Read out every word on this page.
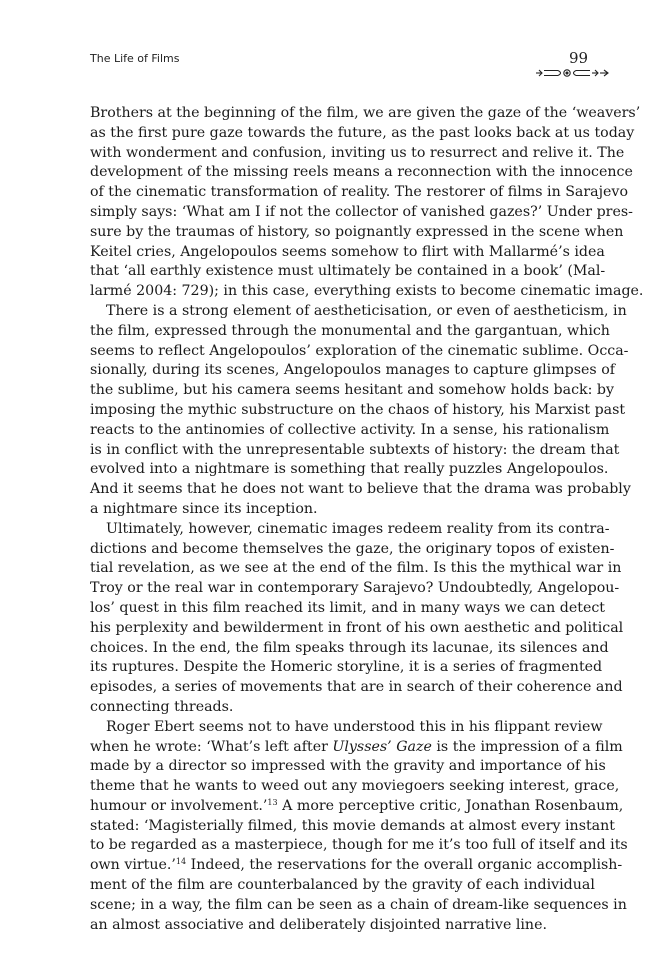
The Life of Films	99
Brothers at the beginning of the film, we are given the gaze of the ‘weavers’
as the first pure gaze towards the future, as the past looks back at us today
with wonderment and confusion, inviting us to resurrect and relive it. The
development of the missing reels means a reconnection with the innocence
of the cinematic transformation of reality. The restorer of films in Sarajevo
simply says: ‘What am I if not the collector of vanished gazes?’ Under pres-
sure by the traumas of history, so poignantly expressed in the scene when
Keitel cries, Angelopoulos seems somehow to flirt with Mallarmé’s idea
that ‘all earthly existence must ultimately be contained in a book’ (Mal-
larmé 2004: 729); in this case, everything exists to become cinematic image.
There is a strong element of aestheticisation, or even of aestheticism, in
the film, expressed through the monumental and the gargantuan, which
seems to reflect Angelopoulos’ exploration of the cinematic sublime. Occa-
sionally, during its scenes, Angelopoulos manages to capture glimpses of
the sublime, but his camera seems hesitant and somehow holds back: by
imposing the mythic substructure on the chaos of history, his Marxist past
reacts to the antinomies of collective activity. In a sense, his rationalism
is in conflict with the unrepresentable subtexts of history: the dream that
evolved into a nightmare is something that really puzzles Angelopoulos.
And it seems that he does not want to believe that the drama was probably
a nightmare since its inception.
Ultimately, however, cinematic images redeem reality from its contra-
dictions and become themselves the gaze, the originary topos of existen-
tial revelation, as we see at the end of the film. Is this the mythical war in
Troy or the real war in contemporary Sarajevo? Undoubtedly, Angelopou-
los’ quest in this film reached its limit, and in many ways we can detect
his perplexity and bewilderment in front of his own aesthetic and political
choices. In the end, the film speaks through its lacunae, its silences and
its ruptures. Despite the Homeric storyline, it is a series of fragmented
episodes, a series of movements that are in search of their coherence and
connecting threads.
Roger Ebert seems not to have understood this in his flippant review
when he wrote: ‘What’s left after Ulysses’ Gaze is the impression of a film
made by a director so impressed with the gravity and importance of his
theme that he wants to weed out any moviegoers seeking interest, grace,
humour or involvement.’$^{13}$ A more perceptive critic, Jonathan Rosenbaum,
stated: ‘Magisterially filmed, this movie demands at almost every instant
to be regarded as a masterpiece, though for me it’s too full of itself and its
own virtue.’$^{14}$ Indeed, the reservations for the overall organic accomplish-
ment of the film are counterbalanced by the gravity of each individual
scene; in a way, the film can be seen as a chain of dream-like sequences in
an almost associative and deliberately disjointed narrative line.
